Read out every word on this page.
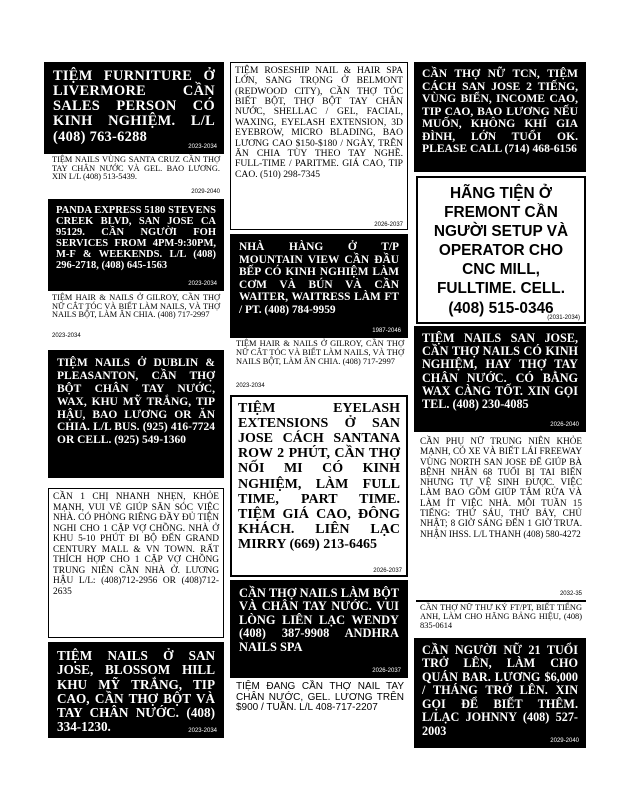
TIỆM FURNITURE Ở LIVERMORE CẦN SALES PERSON CÓ KINH NGHIỆM. L/L (408) 763-6288
2023-2034
TIỆM NAILS VÙNG SANTA CRUZ CẦN THỢ TAY CHÂN NƯỚC VÀ GEL. BAO LƯƠNG. XIN L/L (408) 513-5439.
2029-2040
PANDA EXPRESS 5180 STEVENS CREEK BLVD, SAN JOSE CA 95129. CẦN NGƯỜI FOH SERVICES FROM 4PM-9:30PM, M-F & WEEKENDS. L/L (408) 296-2718, (408) 645-1563
2023-2034
TIỆM HAIR & NAILS Ở GILROY, CẦN THỢ NỮ CẮT TÓC VÀ BIẾT LÀM NAILS, VÀ THỢ NAILS BỘT, LÀM ĂN CHIA. (408) 717-2997
2023-2034
TIỆM NAILS Ở DUBLIN & PLEASANTON, CẦN THỢ BỘT CHÂN TAY NƯỚC, WAX, KHU MỸ TRẮNG, TIP HẬU, BAO LƯƠNG OR ĂN CHIA. L/L BUS. (925) 416-7724 OR CELL. (925) 549-1360
CẦN 1 CHỊ NHANH NHẸN, KHỎE MẠNH, VUI VẺ GIÚP SĂN SÓC VIỆC NHÀ. CÓ PHÒNG RIÊNG ĐẦY ĐỦ TIỆN NGHI CHO 1 CẶP VỢ CHỒNG. NHÀ Ở KHU 5-10 PHÚT ĐI BỘ ĐẾN GRAND CENTURY MALL & VN TOWN. RẤT THÍCH HỢP CHO 1 CẶP VỢ CHỒNG TRUNG NIÊN CẦN NHÀ Ở. LƯƠNG HẬU L/L: (408)712-2956 OR (408)712-2635
TIỆM NAILS Ở SAN JOSE, BLOSSOM HILL KHU MỸ TRẮNG, TIP CAO, CẦN THỢ BỘT VÀ TAY CHÂN NƯỚC. (408) 334-1230.	2023-2034
TIỆM ROSESHIP NAIL & HAIR SPA LỚN, SANG TRỌNG Ở BELMONT (REDWOOD CITY), CẦN THỢ TÓC BIẾT BỘT, THỢ BỘT TAY CHÂN NƯỚC, SHELLAC / GEL, FACIAL, WAXING, EYELASH EXTENSION, 3D EYEBROW, MICRO BLADING, BAO LƯƠNG CAO $150-$180 / NGÀY, TRÊN ĂN CHIA TÙY THEO TAY NGHỀ. FULL-TIME / PARITME. GIÁ CAO, TIP CAO. (510) 298-7345
2026-2037
NHÀ HÀNG Ở T/P MOUNTAIN VIEW CẦN ĐẦU BẾP CÓ KINH NGHIỆM LÀM CƠM VÀ BÚN VÀ CẦN WAITER, WAITRESS LÀM FT / PT. (408) 784-9959
1987-2046
TIỆM HAIR & NAILS Ở GILROY, CẦN THỢ NỮ CẮT TÓC VÀ BIẾT LÀM NAILS, VÀ THỢ NAILS BỘT, LÀM ĂN CHIA. (408) 717-2997
2023-2034
TIỆM EYELASH EXTENSIONS Ở SAN JOSE CÁCH SANTANA ROW 2 PHÚT, CẦN THỢ NỐI MI CÓ KINH NGHIỆM, LÀM FULL TIME, PART TIME. TIỆM GIÁ CAO, ĐÔNG KHÁCH. LIÊN LẠC MIRRY (669) 213-6465
2026-2037
CẦN THỢ NAILS LÀM BỘT VÀ CHÂN TAY NƯỚC. VUI LÒNG LIÊN LẠC WENDY (408) 387-9908 ANDHRA NAILS SPA
2026-2037
TIỆM ĐANG CẦN THỢ NAIL TAY CHÂN NƯỚC, GEL. LƯƠNG TRÊN $900 / TUẦN. L/L 408-717-2207
CẦN THỢ NỮ TCN, TIỆM CÁCH SAN JOSE 2 TIẾNG, VÙNG BIỂN, INCOME CAO, TIP CAO, BAO LƯƠNG NẾU MUỐN, KHÔNG KHÍ GIA ĐÌNH, LỚN TUỔI OK. PLEASE CALL (714) 468-6156
HÃNG TIỆN Ở FREMONT CẦN NGƯỜI SETUP VÀ OPERATOR CHO CNC MILL, FULLTIME. CELL. (408) 515-0346
(2031-2034)
TIỆM NAILS SAN JOSE, CẦN THỢ NAILS CÓ KINH NGHIỆM, HAY THỢ TAY CHÂN NƯỚC. CÓ BẰNG WAX CÀNG TỐT. XIN GỌI TEL. (408) 230-4085
2026-2040
CẦN PHỤ NỮ TRUNG NIÊN KHỎE MẠNH, CÓ XE VÀ BIẾT LÁI FREEWAY VÙNG NORTH SAN JOSE ĐỂ GIÚP BÀ BỆNH NHÂN 68 TUỔI BỊ TAI BIẾN NHƯNG TỰ VỆ SINH ĐƯỢC. VIỆC LÀM BAO GỒM GIÚP TẮM RỬA VÀ LÀM ÍT VIỆC NHÀ. MỖI TUẦN 15 TIẾNG: THỨ SÁU, THỨ BẢY, CHỦ NHẬT; 8 GIỜ SÁNG ĐẾN 1 GIỜ TRƯA. NHẬN IHSS. L/L THANH (408) 580-4272
2032-35
CẦN THỢ NỮ THƯ KÝ FT/PT, BIẾT TIẾNG ANH, LÀM CHO HÃNG BẢNG HIỆU, (408) 835-0614
CẦN NGƯỜI NỮ 21 TUỔI TRỞ LÊN, LÀM CHO QUÁN BAR. LƯƠNG $6,000 / THÁNG TRỞ LÊN. XIN GỌI ĐỂ BIẾT THÊM. L/LẠC JOHNNY (408) 527-2003
2029-2040
